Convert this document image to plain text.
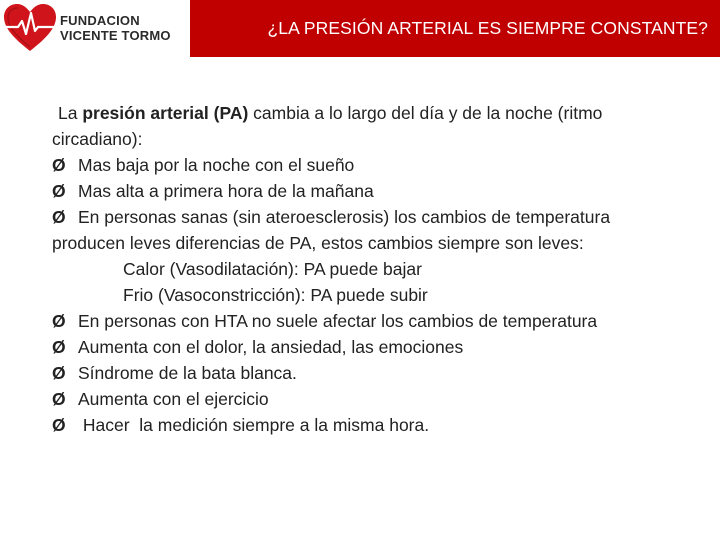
FUNDACION
VICENTE TORMO	¿LA PRESIÓN ARTERIAL ES SIEMPRE CONSTANTE?

La presión arterial (PA) cambia a lo largo del día y de la noche (ritmo circadiano):

Ø Mas baja por la noche con el sueño

Ø Mas alta a primera hora de la mañana

Ø En personas sanas (sin ateroesclerosis) los cambios de temperatura

producen leves diferencias de PA, estos cambios siempre son leves:

Calor (Vasodilatación): PA puede bajar

Frio (Vasoconstricción): PA puede subir

Ø En personas con HTA no suele afectar los cambios de temperatura

Ø Aumenta con el dolor, la ansiedad, las emociones

Ø Síndrome de la bata blanca.

Ø Aumenta con el ejercicio

Ø Hacer  la medición siempre a la misma hora.
